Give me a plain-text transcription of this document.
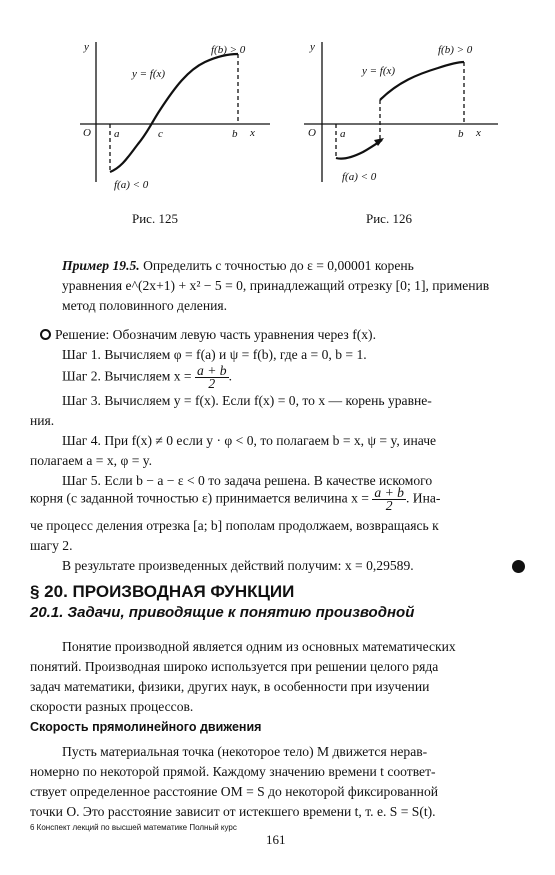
y
O a	c	b x
y = f(x)
f(b) > 0
f(a) < 0
Рис. 125
y
O a	b x
y = f(x)
f(b) > 0
f(a) < 0
Рис. 126
Пример 19.5. Определить с точностью до ε = 0,00001 корень
уравнения e^(2x+1) + x² − 5 = 0, принадлежащий отрезку [0; 1], применив
метод половинного деления.
Решение: Обозначим левую часть уравнения через f(x).
Шаг 1. Вычисляем φ = f(a) и ψ = f(b), где a = 0, b = 1.
Шаг 2. Вычисляем $x = \frac{a + b}{2}$ .
Шаг 3. Вычисляем y = f(x). Если f(x) = 0, то x — корень уравне-
ния.
Шаг 4. При f(x) ≠ 0 если y · φ < 0, то полагаем b = x, ψ = y, иначе
полагаем a = x, φ = y.
Шаг 5. Если b − a − ε < 0 то задача решена. В качестве искомого
корня (с заданной точностью ε) принимается величина $x = \frac{a + b}{2}$ . Ина-
че процесс деления отрезка [a; b] пополам продолжаем, возвращаясь к
шагу 2.
В результате произведенных действий получим: x = 0,29589.
§ 20. ПРОИЗВОДНАЯ ФУНКЦИИ
20.1. Задачи, приводящие к понятию производной
Понятие производной является одним из основных математических
понятий. Производная широко используется при решении целого ряда
задач математики, физики, других наук, в особенности при изучении
скорости разных процессов.
Скорость прямолинейного движения
Пусть материальная точка (некоторое тело) M движется нерав-
номерно по некоторой прямой. Каждому значению времени t соответ-
ствует определенное расстояние OM = S до некоторой фиксированной
точки O. Это расстояние зависит от истекшего времени t, т. е. S = S(t).
6 Конспект лекций по высшей математике Полный курс
161
